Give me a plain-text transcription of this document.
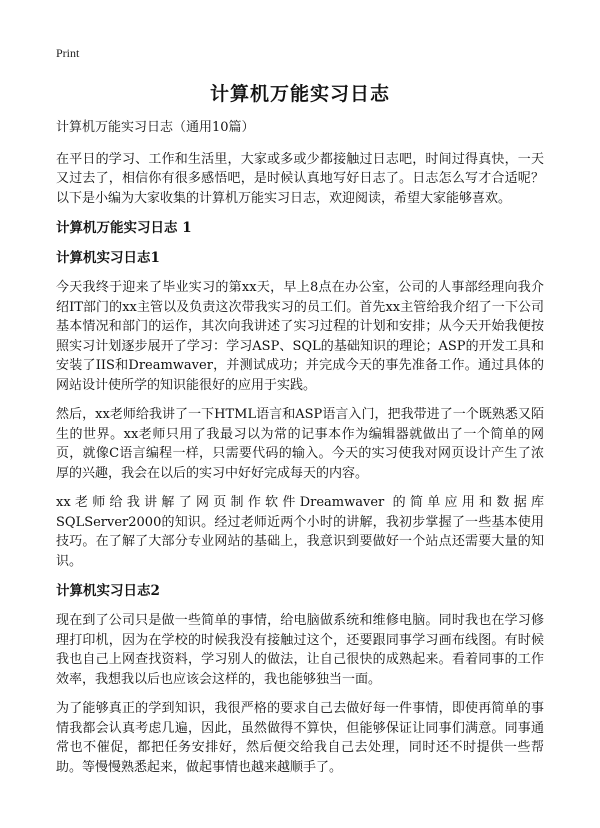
Print
计算机万能实习日志

计算机万能实习日志（通用10篇）

在平日的学习、工作和生活里，大家或多或少都接触过日志吧，时间过得真快，一天又过去了，相信你有很多感悟吧，是时候认真地写好日志了。日志怎么写才合适呢？以下是小编为大家收集的计算机万能实习日志，欢迎阅读，希望大家能够喜欢。

计算机万能实习日志 1
计算机实习日志1

今天我终于迎来了毕业实习的第xx天，早上8点在办公室，公司的人事部经理向我介绍IT部门的xx主管以及负责这次带我实习的员工们。首先xx主管给我介绍了一下公司基本情况和部门的运作，其次向我讲述了实习过程的计划和安排；从今天开始我便按照实习计划逐步展开了学习：学习ASP、SQL的基础知识的理论；ASP的开发工具和安装了IIS和Dreamwaver，并测试成功；并完成今天的事先准备工作。通过具体的网站设计使所学的知识能很好的应用于实践。

然后，xx老师给我讲了一下HTML语言和ASP语言入门，把我带进了一个既熟悉又陌生的世界。xx老师只用了我最习以为常的记事本作为编辑器就做出了一个简单的网页，就像C语言编程一样，只需要代码的输入。今天的实习使我对网页设计产生了浓厚的兴趣，我会在以后的实习中好好完成每天的内容。

xx老师给我讲解了网页制作软件Dreamwaver 的简单应用和数据库SQLServer2000的知识。经过老师近两个小时的讲解，我初步掌握了一些基本使用技巧。在了解了大部分专业网站的基础上，我意识到要做好一个站点还需要大量的知识。

计算机实习日志2

现在到了公司只是做一些简单的事情，给电脑做系统和维修电脑。同时我也在学习修理打印机，因为在学校的时候我没有接触过这个，还要跟同事学习画布线图。有时候我也自己上网查找资料，学习别人的做法，让自己很快的成熟起来。看着同事的工作效率，我想我以后也应该会这样的，我也能够独当一面。

为了能够真正的学到知识，我很严格的要求自己去做好每一件事情，即使再简单的事情我都会认真考虑几遍，因此，虽然做得不算快，但能够保证让同事们满意。同事通常也不催促，都把任务安排好，然后便交给我自己去处理，同时还不时提供一些帮助。等慢慢熟悉起来，做起事情也越来越顺手了。
